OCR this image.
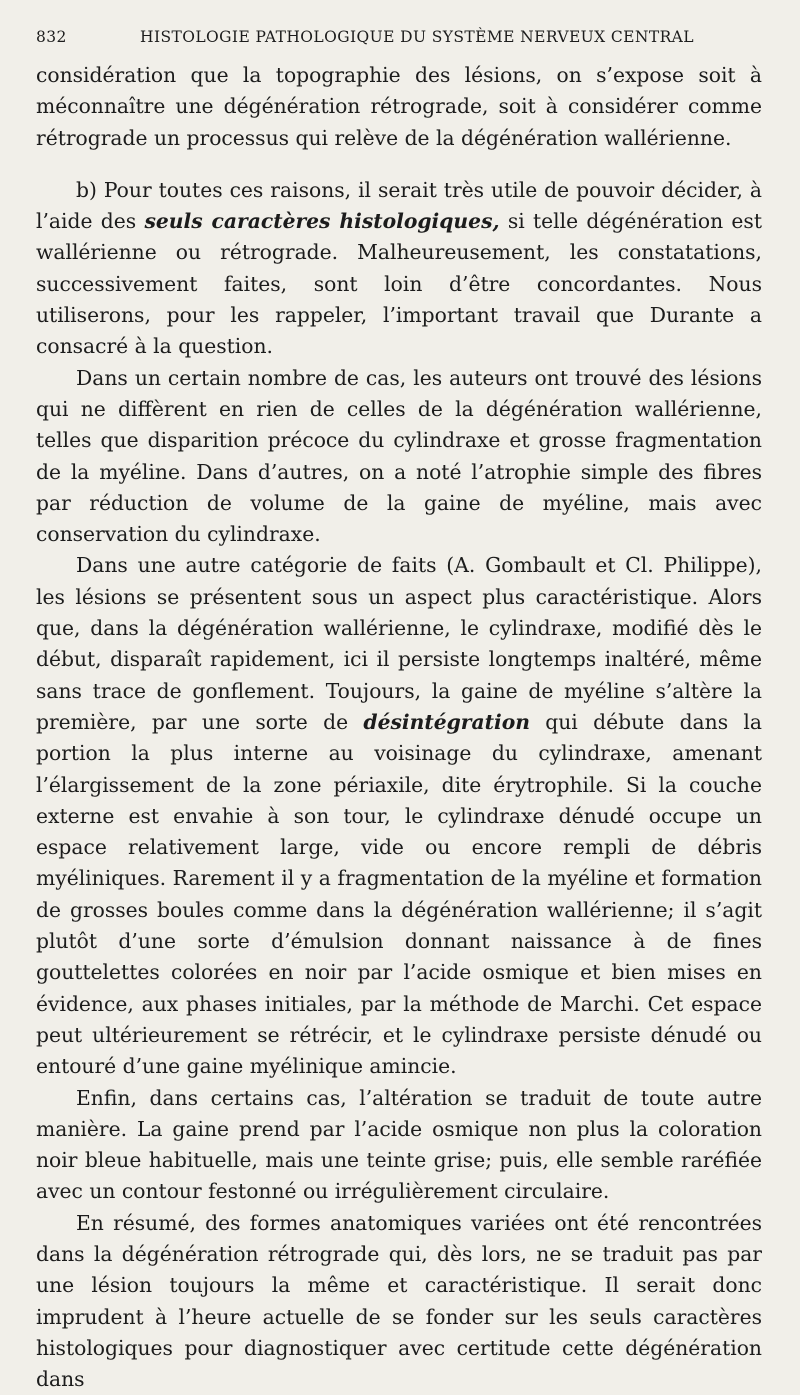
832	HISTOLOGIE PATHOLOGIQUE DU SYSTÈME NERVEUX CENTRAL

considération que la topographie des lésions, on s’expose soit à méconnaître une dégénération rétrograde, soit à considérer comme rétrograde un processus qui relève de la dégénération wallérienne.

b) Pour toutes ces raisons, il serait très utile de pouvoir décider, à l’aide des seuls caractères histologiques, si telle dégénération est wallérienne ou rétrograde. Malheureusement, les constatations, successivement faites, sont loin d’être concordantes. Nous utiliserons, pour les rappeler, l’important travail que Durante a consacré à la question.

Dans un certain nombre de cas, les auteurs ont trouvé des lésions qui ne diffèrent en rien de celles de la dégénération wallérienne, telles que disparition précoce du cylindraxe et grosse fragmentation de la myéline. Dans d’autres, on a noté l’atrophie simple des fibres par réduction de volume de la gaine de myéline, mais avec conservation du cylindraxe.

Dans une autre catégorie de faits (A. Gombault et Cl. Philippe), les lésions se présentent sous un aspect plus caractéristique. Alors que, dans la dégénération wallérienne, le cylindraxe, modifié dès le début, disparaît rapidement, ici il persiste longtemps inaltéré, même sans trace de gonflement. Toujours, la gaine de myéline s’altère la première, par une sorte de désintégration qui débute dans la portion la plus interne au voisinage du cylindraxe, amenant l’élargissement de la zone périaxile, dite érytrophile. Si la couche externe est envahie à son tour, le cylindraxe dénudé occupe un espace relativement large, vide ou encore rempli de débris myéliniques. Rarement il y a fragmentation de la myéline et formation de grosses boules comme dans la dégénération wallérienne; il s’agit plutôt d’une sorte d’émulsion donnant naissance à de fines gouttelettes colorées en noir par l’acide osmique et bien mises en évidence, aux phases initiales, par la méthode de Marchi. Cet espace peut ultérieurement se rétrécir, et le cylindraxe persiste dénudé ou entouré d’une gaine myélinique amincie.

Enfin, dans certains cas, l’altération se traduit de toute autre manière. La gaine prend par l’acide osmique non plus la coloration noir bleue habituelle, mais une teinte grise; puis, elle semble raréfiée avec un contour festonné ou irrégulièrement circulaire.

En résumé, des formes anatomiques variées ont été rencontrées dans la dégénération rétrograde qui, dès lors, ne se traduit pas par une lésion toujours la même et caractéristique. Il serait donc imprudent à l’heure actuelle de se fonder sur les seuls caractères histologiques pour diagnostiquer avec certitude cette dégénération dans
